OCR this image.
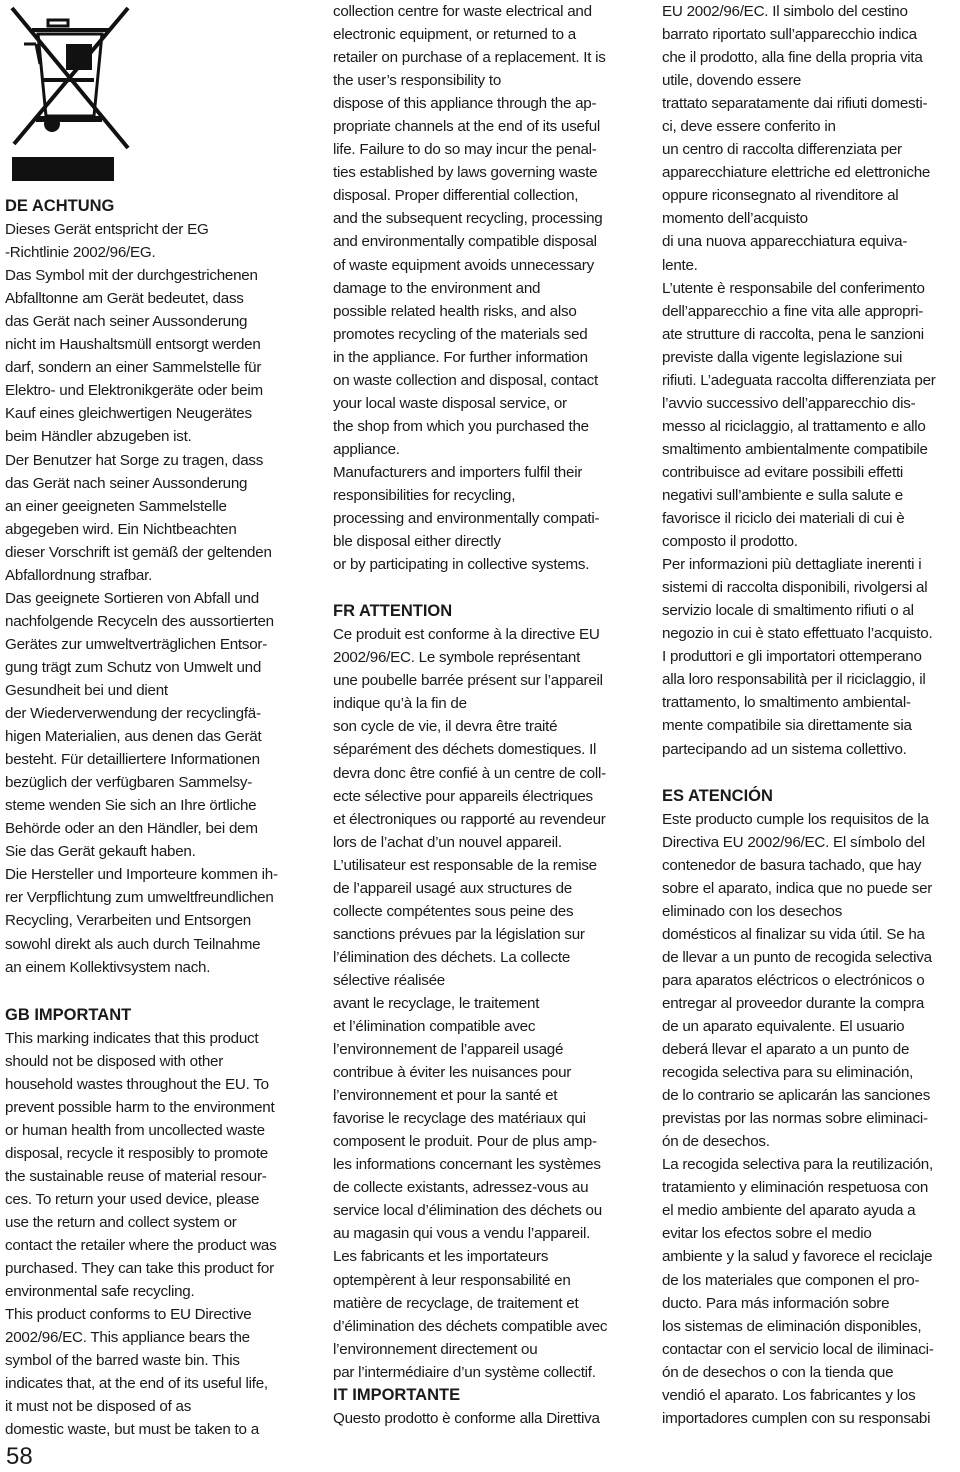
DE ACHTUNG

Dieses Gerät entspricht der EG
-Richtlinie 2002/96/EG.
Das Symbol mit der durchgestrichenen
Abfalltonne am Gerät bedeutet, dass
das Gerät nach seiner Aussonderung
nicht im Haushaltsmüll entsorgt werden
darf, sondern an einer Sammelstelle für
Elektro- und Elektronikgeräte oder beim
Kauf eines gleichwertigen Neugerätes
beim Händler abzugeben ist.
Der Benutzer hat Sorge zu tragen, dass
das Gerät nach seiner Aussonderung
an einer geeigneten Sammelstelle
abgegeben wird. Ein Nichtbeachten
dieser Vorschrift ist gemäß der geltenden
Abfallordnung strafbar.
Das geeignete Sortieren von Abfall und
nachfolgende Recyceln des aussortierten
Gerätes zur umweltverträglichen Entsor-
gung trägt zum Schutz von Umwelt und
Gesundheit bei und dient
der Wiederverwendung der recyclingfä-
higen Materialien, aus denen das Gerät
besteht. Für detailliertere Informationen
bezüglich der verfügbaren Sammelsy-
steme wenden Sie sich an Ihre örtliche
Behörde oder an den Händler, bei dem
Sie das Gerät gekauft haben.
Die Hersteller und Importeure kommen ih-
rer Verpflichtung zum umweltfreundlichen
Recycling, Verarbeiten und Entsorgen
sowohl direkt als auch durch Teilnahme
an einem Kollektivsystem nach.

GB IMPORTANT

This marking indicates that this product
should not be disposed with other
household wastes throughout the EU. To
prevent possible harm to the environment
or human health from uncollected waste
disposal, recycle it resposibly to promote
the sustainable reuse of material resour-
ces. To return your used device, please
use the return and collect system or
contact the retailer where the product was
purchased. They can take this product for
environmental safe recycling.
This product conforms to EU Directive
2002/96/EC. This appliance bears the
symbol of the barred waste bin. This
indicates that, at the end of its useful life,
it must not be disposed of as
domestic waste, but must be taken to a

58

collection centre for waste electrical and
electronic equipment, or returned to a
retailer on purchase of a replacement. It is
the user’s responsibility to
dispose of this appliance through the ap-
propriate channels at the end of its useful
life. Failure to do so may incur the penal-
ties established by laws governing waste
disposal. Proper differential collection,
and the subsequent recycling, processing
and environmentally compatible disposal
of waste equipment avoids unnecessary
damage to the environment and
possible related health risks, and also
promotes recycling of the materials sed
in the appliance. For further information
on waste collection and disposal, contact
your local waste disposal service, or
the shop from which you purchased the
appliance.
Manufacturers and importers fulfil their
responsibilities for recycling,
processing and environmentally compati-
ble disposal either directly
or by participating in collective systems.

FR ATTENTION

Ce produit est conforme à la directive EU
2002/96/EC. Le symbole représentant
une poubelle barrée présent sur l’appareil
indique qu’à la fin de
son cycle de vie, il devra être traité
séparément des déchets domestiques. Il
devra donc être confié à un centre de coll-
ecte sélective pour appareils électriques
et électroniques ou rapporté au revendeur
lors de l’achat d’un nouvel appareil.
L’utilisateur est responsable de la remise
de l’appareil usagé aux structures de
collecte compétentes sous peine des
sanctions prévues par la législation sur
l’élimination des déchets. La collecte
sélective réalisée
avant le recyclage, le traitement
et l’élimination compatible avec
l’environnement de l’appareil usagé
contribue à éviter les nuisances pour
l’environnement et pour la santé et
favorise le recyclage des matériaux qui
composent le produit. Pour de plus amp-
les informations concernant les systèmes
de collecte existants, adressez-vous au
service local d’élimination des déchets ou
au magasin qui vous a vendu l’appareil.
Les fabricants et les importateurs
optempèrent à leur responsabilité en
matière de recyclage, de traitement et
d’élimination des déchets compatible avec
l’environnement directement ou
par l’intermédiaire d’un système collectif.

IT IMPORTANTE

Questo prodotto è conforme alla Direttiva

EU 2002/96/EC. Il simbolo del cestino
barrato riportato sull’apparecchio indica
che il prodotto, alla fine della propria vita
utile, dovendo essere
trattato separatamente dai rifiuti domesti-
ci, deve essere conferito in
un centro di raccolta differenziata per
apparecchiature elettriche ed elettroniche
oppure riconsegnato al rivenditore al
momento dell’acquisto
di una nuova apparecchiatura equiva-
lente.
L’utente è responsabile del conferimento
dell’apparecchio a fine vita alle appropri-
ate strutture di raccolta, pena le sanzioni
previste dalla vigente legislazione sui
rifiuti. L’adeguata raccolta differenziata per
l’avvio successivo dell’apparecchio dis-
messo al riciclaggio, al trattamento e allo
smaltimento ambientalmente compatibile
contribuisce ad evitare possibili effetti
negativi sull’ambiente e sulla salute e
favorisce il riciclo dei materiali di cui è
composto il prodotto.
Per informazioni più dettagliate inerenti i
sistemi di raccolta disponibili, rivolgersi al
servizio locale di smaltimento rifiuti o al
negozio in cui è stato effettuato l’acquisto.
I produttori e gli importatori ottemperano
alla loro responsabilità per il riciclaggio, il
trattamento, lo smaltimento ambiental-
mente compatibile sia direttamente sia
partecipando ad un sistema collettivo.

ES ATENCIÓN

Este producto cumple los requisitos de la
Directiva EU 2002/96/EC. El símbolo del
contenedor de basura tachado, que hay
sobre el aparato, indica que no puede ser
eliminado con los desechos
domésticos al finalizar su vida útil. Se ha
de llevar a un punto de recogida selectiva
para aparatos eléctricos o electrónicos o
entregar al proveedor durante la compra
de un aparato equivalente. El usuario
deberá llevar el aparato a un punto de
recogida selectiva para su eliminación,
de lo contrario se aplicarán las sanciones
previstas por las normas sobre eliminaci-
ón de desechos.
La recogida selectiva para la reutilización,
tratamiento y eliminación respetuosa con
el medio ambiente del aparato ayuda a
evitar los efectos sobre el medio
ambiente y la salud y favorece el reciclaje
de los materiales que componen el pro-
ducto. Para más información sobre
los sistemas de eliminación disponibles,
contactar con el servicio local de iliminaci-
ón de desechos o con la tienda que
vendió el aparato. Los fabricantes y los
importadores cumplen con su responsabi
